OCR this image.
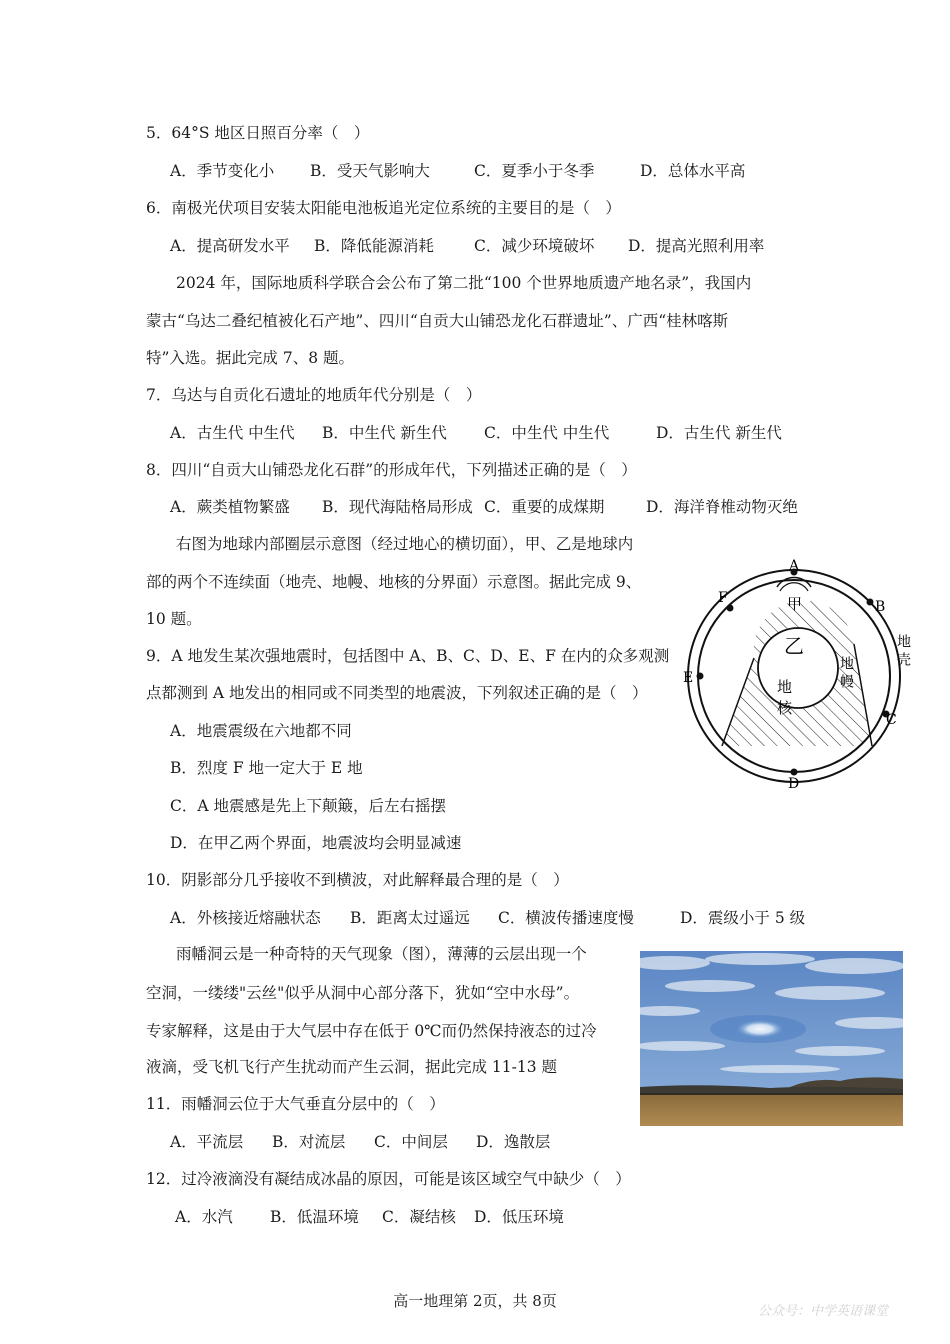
5．64°S 地区日照百分率（　）
A．季节变化小 B．受天气影响大	C．夏季小于冬季	D．总体水平高
6．南极光伏项目安装太阳能电池板追光定位系统的主要目的是（　）
A．提高研发水平 B．降低能源消耗	C．减少环境破坏 D．提高光照利用率
2024 年，国际地质科学联合会公布了第二批“100 个世界地质遗产地名录”，我国内
蒙古“乌达二叠纪植被化石产地”、四川“自贡大山铺恐龙化石群遗址”、广西“桂林喀斯
特”入选。据此完成 7、8 题。
7．乌达与自贡化石遗址的地质年代分别是（　）
A．古生代 中生代 B．中生代 新生代 C．中生代 中生代	D．古生代 新生代
8．四川“自贡大山铺恐龙化石群”的形成年代，下列描述正确的是（　）
A．蕨类植物繁盛 B．现代海陆格局形成 C．重要的成煤期	D．海洋脊椎动物灭绝
右图为地球内部圈层示意图（经过地心的横切面），甲、乙是地球内
部的两个不连续面（地壳、地幔、地核的分界面）示意图。据此完成 9、
10 题。
A
B
C
D
E
F	甲
乙
地核
地幔
地壳
9．A 地发生某次强地震时，包括图中 A、B、C、D、E、F 在内的众多观测
点都测到 A 地发出的相同或不同类型的地震波，下列叙述正确的是（　）
A．地震震级在六地都不同
B．烈度 F 地一定大于 E 地
C．A 地震感是先上下颠簸，后左右摇摆
D．在甲乙两个界面，地震波均会明显减速
10．阴影部分几乎接收不到横波，对此解释最合理的是（　）
A．外核接近熔融状态 B．距离太过遥远 C．横波传播速度慢	D．震级小于 5 级
雨幡洞云是一种奇特的天气现象（图），薄薄的云层出现一个
空洞，一缕缕"云丝"似乎从洞中心部分落下，犹如“空中水母”。
专家解释，这是由于大气层中存在低于 0℃而仍然保持液态的过冷
液滴，受飞机飞行产生扰动而产生云洞，据此完成 11-13 题
11．雨幡洞云位于大气垂直分层中的（　）
A．平流层 B．对流层 C．中间层 D．逸散层
12．过冷液滴没有凝结成冰晶的原因，可能是该区域空气中缺少（　）
A．水汽 B．低温环境 C．凝结核 D．低压环境
高一地理第 2页，共 8页
公众号：中学英语课堂
